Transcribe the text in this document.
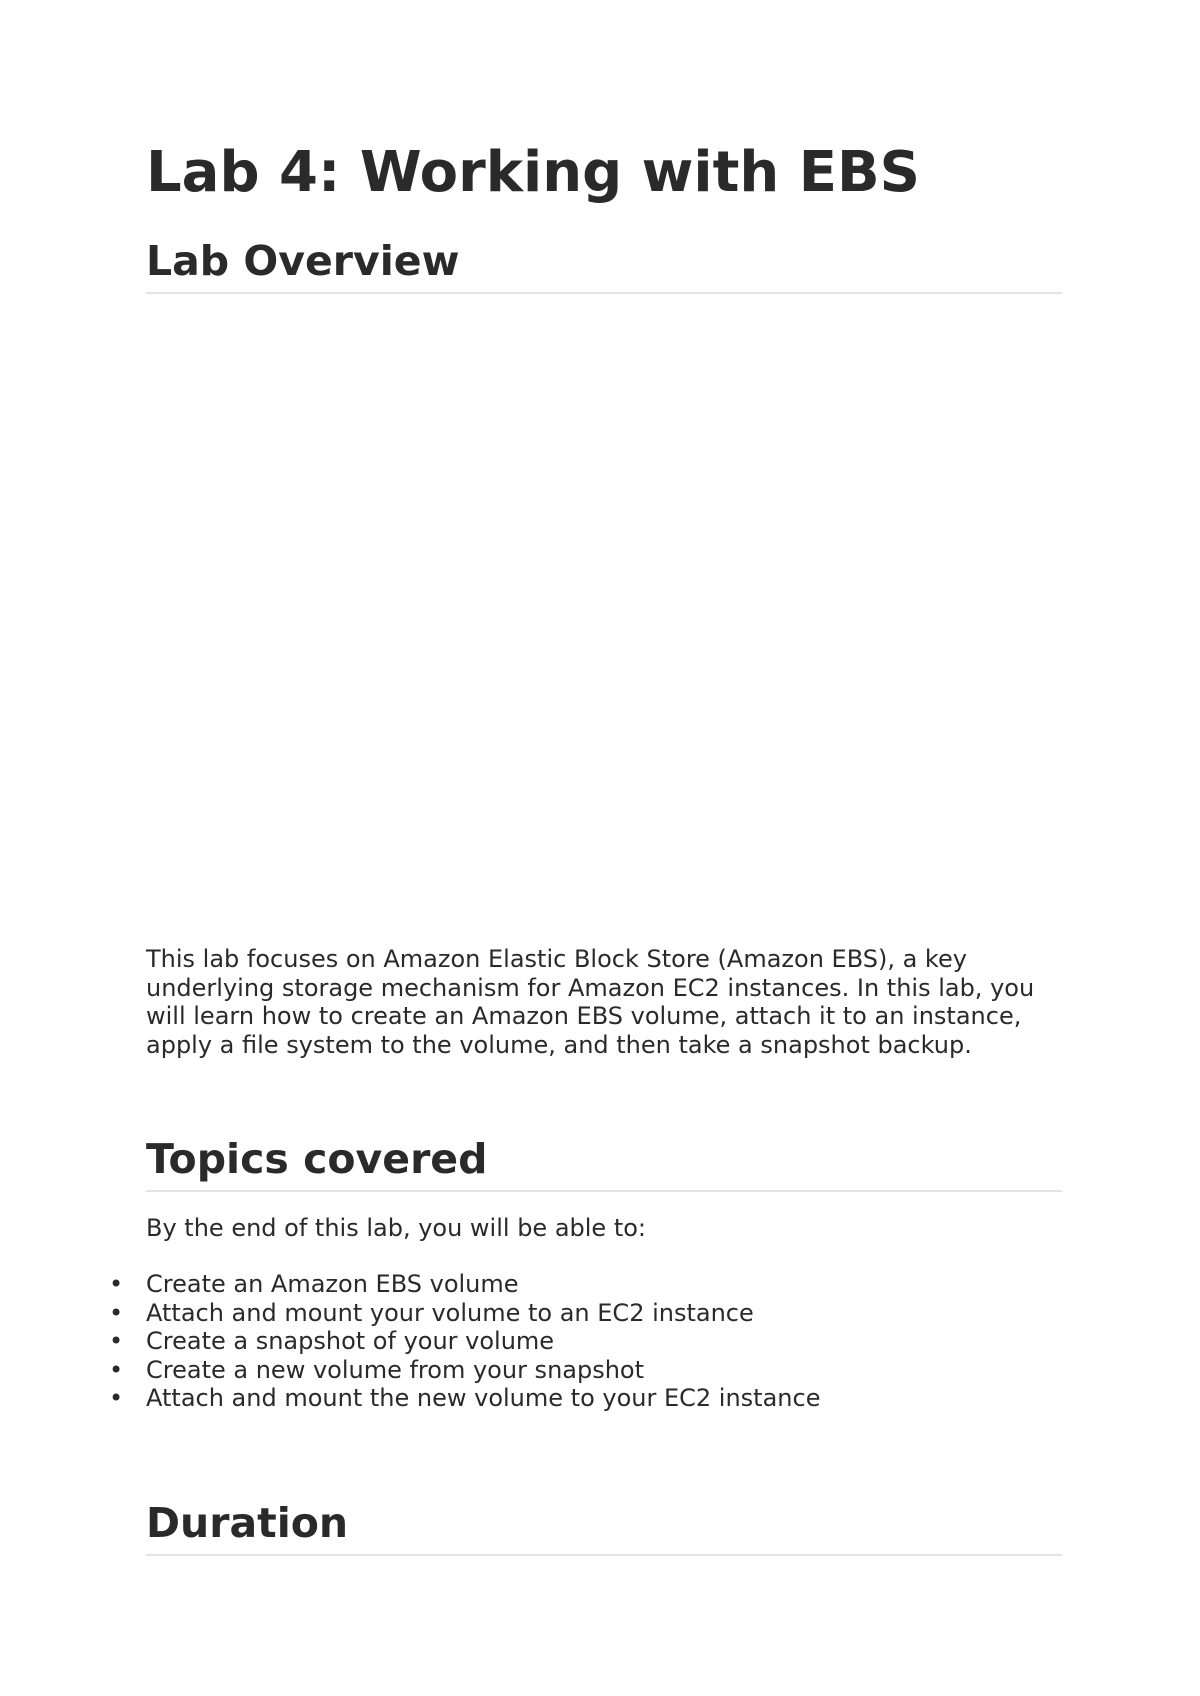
Lab 4: Working with EBS
Lab Overview

This lab focuses on Amazon Elastic Block Store (Amazon EBS), a key underlying storage mechanism for Amazon EC2 instances. In this lab, you will learn how to create an Amazon EBS volume, attach it to an instance, apply a file system to the volume, and then take a snapshot backup.

Topics covered

By the end of this lab, you will be able to:

• Create an Amazon EBS volume
• Attach and mount your volume to an EC2 instance
• Create a snapshot of your volume
• Create a new volume from your snapshot
• Attach and mount the new volume to your EC2 instance
Duration
